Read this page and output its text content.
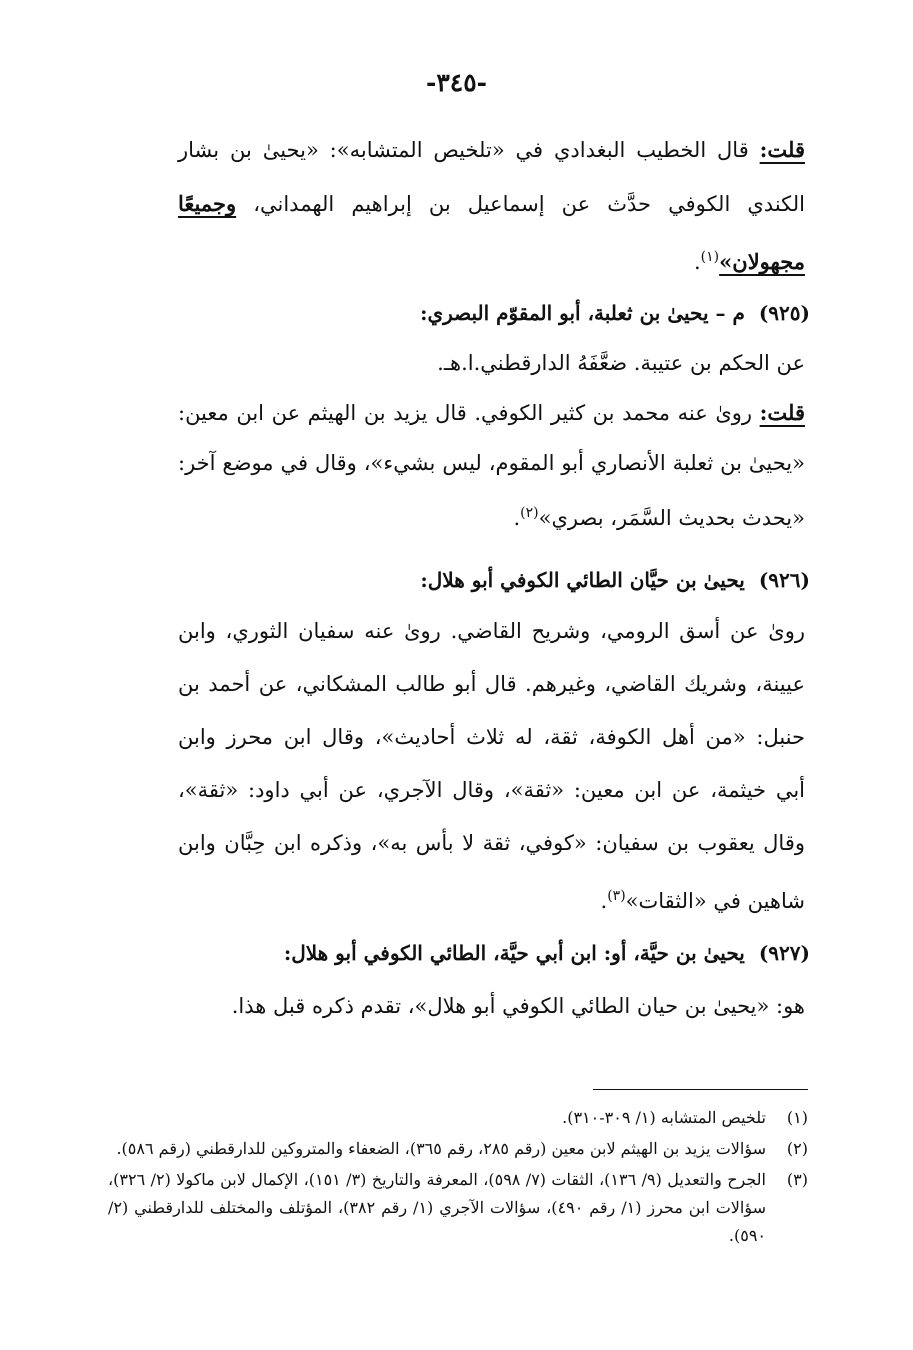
-٣٤٥-
قلت: قال الخطيب البغدادي في «تلخيص المتشابه»: «يحيىٰ بن بشار
الكندي الكوفي حدَّث عن إسماعيل بن إبراهيم الهمداني، وجميعًا
مجهولان»$^{(١)}$.
(٩٢٥)م – يحيىٰ بن ثعلبة، أبو المقوّم البصري:
عن الحكم بن عتيبة. ضعَّفَهُ الدارقطني.ا.هـ.
قلت: روىٰ عنه محمد بن كثير الكوفي. قال يزيد بن الهيثم عن ابن معين:
«يحيىٰ بن ثعلبة الأنصاري أبو المقوم، ليس بشيء»، وقال في موضع آخر:
«يحدث بحديث السَّمَر، بصري»$^{(٢)}$.
(٩٢٦)يحيىٰ بن حيَّان الطائي الكوفي أبو هلال:
روىٰ عن أسق الرومي، وشريح القاضي. روىٰ عنه سفيان الثوري، وابن
عيينة، وشريك القاضي، وغيرهم. قال أبو طالب المشكاني، عن أحمد بن
حنبل: «من أهل الكوفة، ثقة، له ثلاث أحاديث»، وقال ابن محرز وابن
أبي خيثمة، عن ابن معين: «ثقة»، وقال الآجري، عن أبي داود: «ثقة»،
وقال يعقوب بن سفيان: «كوفي، ثقة لا بأس به»، وذكره ابن حِبَّان وابن
شاهين في «الثقات»$^{(٣)}$.
(٩٢٧)يحيىٰ بن حيَّة، أو: ابن أبي حيَّة، الطائي الكوفي أبو هلال:
هو: «يحيىٰ بن حيان الطائي الكوفي أبو هلال»، تقدم ذكره قبل هذا.
(١)
تلخيص المتشابه (١/ ٣٠٩-٣١٠).
(٢)
سؤالات يزيد بن الهيثم لابن معين (رقم ٢٨٥، رقم ٣٦٥)، الضعفاء والمتروكين للدارقطني (رقم ٥٨٦).
(٣)
الجرح والتعديل (٩/ ١٣٦)، الثقات (٧/ ٥٩٨)، المعرفة والتاريخ (٣/ ١٥١)، الإكمال لابن ماكولا (٢/ ٣٢٦)، سؤالات ابن محرز (١/ رقم ٤٩٠)، سؤالات الآجري (١/ رقم ٣٨٢)، المؤتلف والمختلف للدارقطني (٢/ ٥٩٠).
